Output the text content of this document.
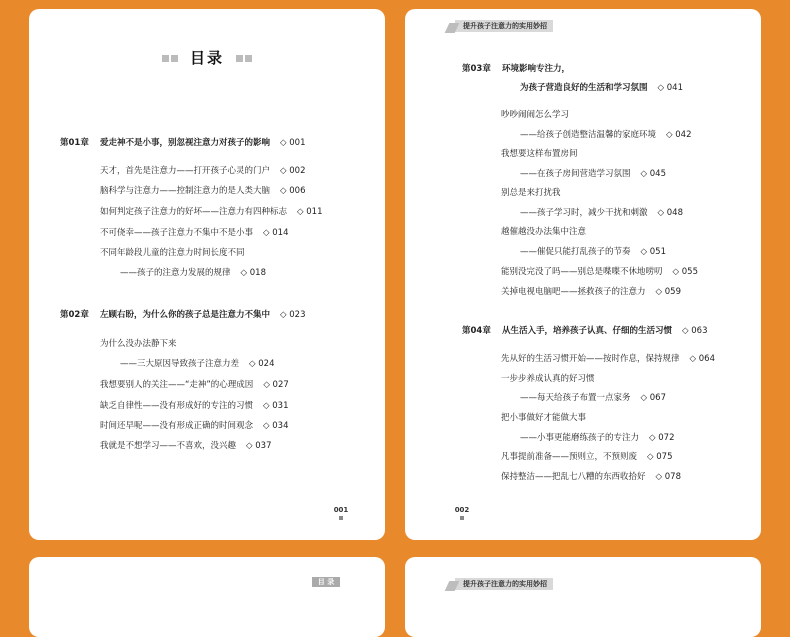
目录
第01章 爱走神不是小事，别忽视注意力对孩子的影响 ◇ 001
天才，首先是注意力——打开孩子心灵的门户 ◇ 002
脑科学与注意力——控制注意力的是人类大脑 ◇ 006
如何判定孩子注意力的好坏——注意力有四种标志 ◇ 011
不可侥幸——孩子注意力不集中不是小事 ◇ 014
不同年龄段儿童的注意力时间长度不同
——孩子的注意力发展的规律 ◇ 018
第02章 左顾右盼，为什么你的孩子总是注意力不集中 ◇ 023
为什么没办法静下来
——三大原因导致孩子注意力差 ◇ 024
我想要别人的关注——“走神”的心理成因 ◇ 027
缺乏自律性——没有形成好的专注的习惯 ◇ 031
时间还早呢——没有形成正确的时间观念 ◇ 034
我就是不想学习——不喜欢，没兴趣 ◇ 037
001
提升孩子注意力的实用妙招
第03章 环境影响专注力，
为孩子营造良好的生活和学习氛围 ◇ 041
吵吵闹闹怎么学习
——给孩子创造整洁温馨的家庭环境 ◇ 042
我想要这样布置房间
——在孩子房间营造学习氛围 ◇ 045
别总是来打扰我
——孩子学习时，减少干扰和刺激 ◇ 048
越催越没办法集中注意
——催促只能打乱孩子的节奏 ◇ 051
能别没完没了吗——别总是喋喋不休地唠叨 ◇ 055
关掉电视电脑吧——拯救孩子的注意力 ◇ 059
第04章 从生活入手，培养孩子认真、仔细的生活习惯 ◇ 063
先从好的生活习惯开始——按时作息，保持规律 ◇ 064
一步步养成认真的好习惯
——每天给孩子布置一点家务 ◇ 067
把小事做好才能做大事
——小事更能磨练孩子的专注力 ◇ 072
凡事提前准备——预则立，不预则废 ◇ 075
保持整洁——把乱七八糟的东西收拾好 ◇ 078
002
目 录	提升孩子注意力的实用妙招
